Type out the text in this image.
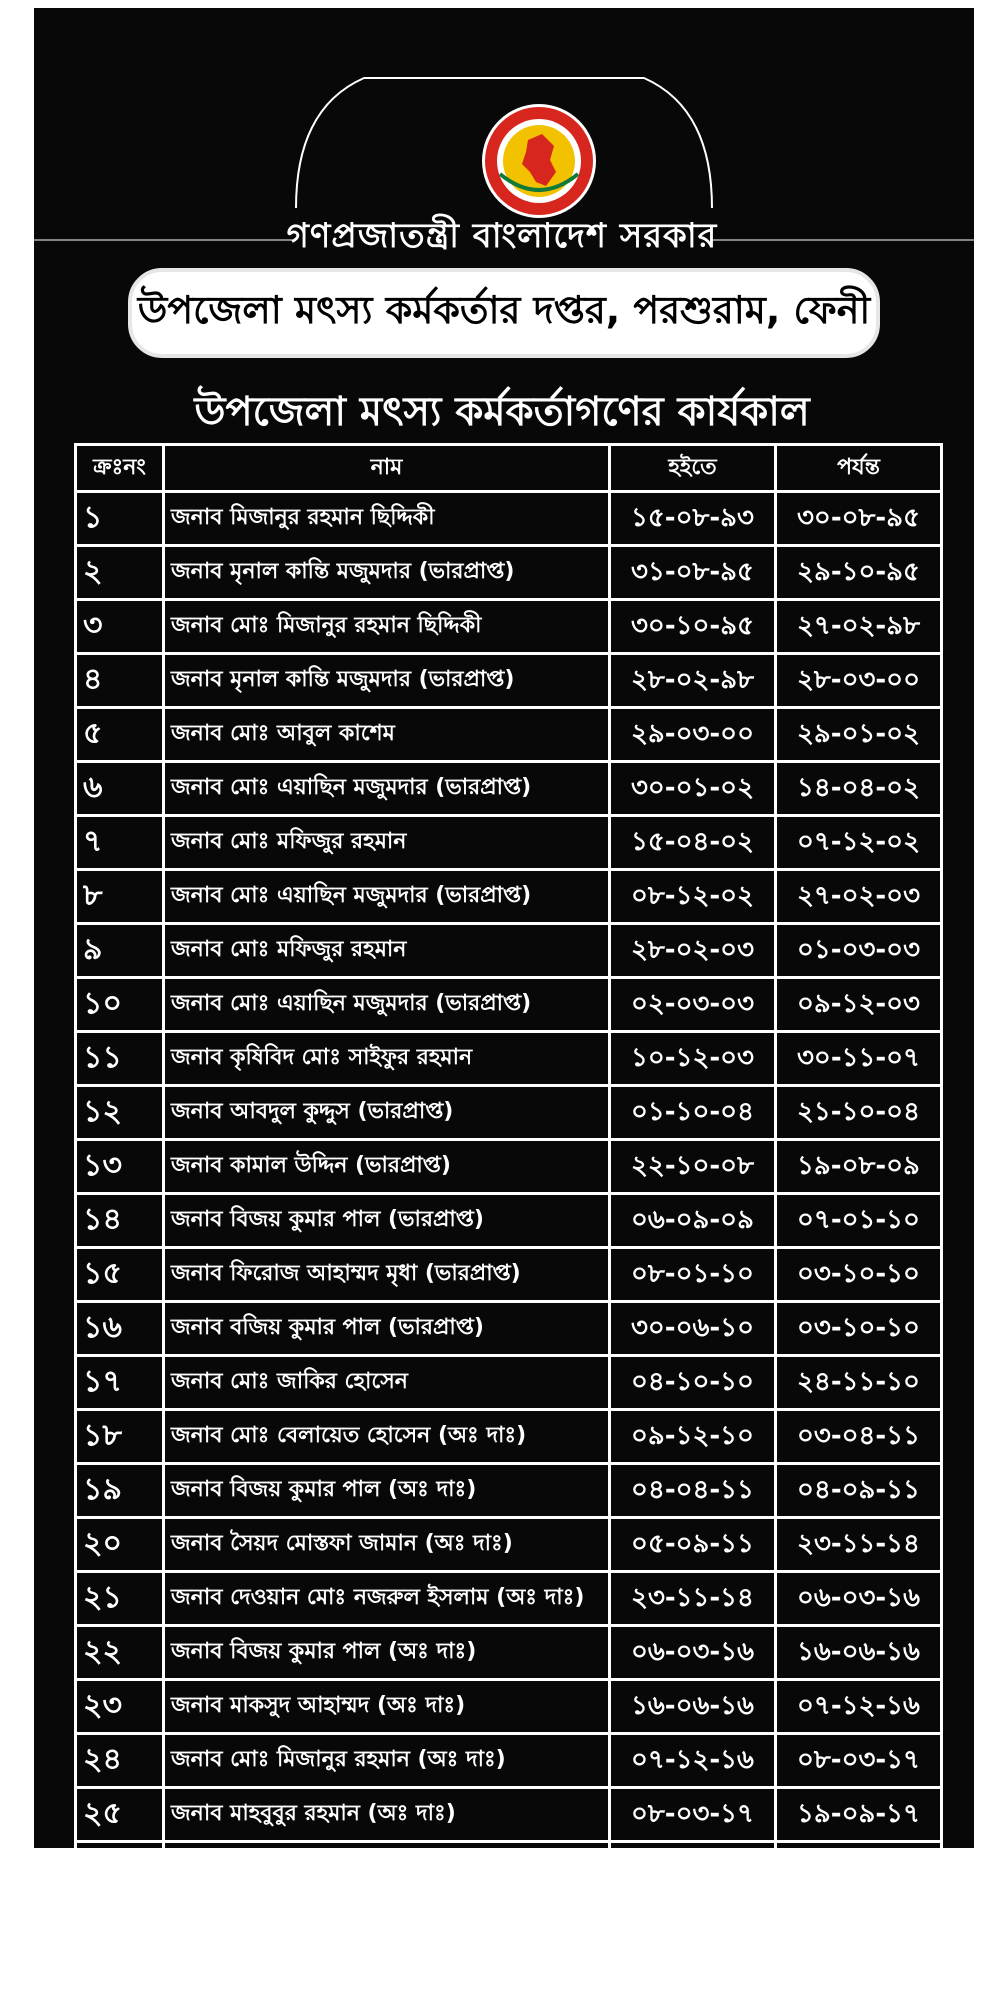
গণপ্রজাতন্ত্রী বাংলাদেশ সরকার
উপজেলা মৎস্য কর্মকর্তার দপ্তর, পরশুরাম, ফেনী
উপজেলা মৎস্য কর্মকর্তাগণের কার্যকাল
ক্রঃনং	নাম	হইতে	পর্যন্ত
১	জনাব মিজানুর রহমান ছিদ্দিকী	১৫-০৮-৯৩	৩০-০৮-৯৫
২	জনাব মৃনাল কান্তি মজুমদার (ভারপ্রাপ্ত)	৩১-০৮-৯৫	২৯-১০-৯৫
৩	জনাব মোঃ মিজানুর রহমান ছিদ্দিকী	৩০-১০-৯৫	২৭-০২-৯৮
৪	জনাব মৃনাল কান্তি মজুমদার (ভারপ্রাপ্ত)	২৮-০২-৯৮	২৮-০৩-০০
৫	জনাব মোঃ আবুল কাশেম	২৯-০৩-০০	২৯-০১-০২
৬	জনাব মোঃ এয়াছিন মজুমদার (ভারপ্রাপ্ত)	৩০-০১-০২	১৪-০৪-০২
৭	জনাব মোঃ মফিজুর রহমান	১৫-০৪-০২	০৭-১২-০২
৮	জনাব মোঃ এয়াছিন মজুমদার (ভারপ্রাপ্ত)	০৮-১২-০২	২৭-০২-০৩
৯	জনাব মোঃ মফিজুর রহমান	২৮-০২-০৩	০১-০৩-০৩
১০	জনাব মোঃ এয়াছিন মজুমদার (ভারপ্রাপ্ত)	০২-০৩-০৩	০৯-১২-০৩
১১	জনাব কৃষিবিদ মোঃ সাইফুর রহমান	১০-১২-০৩	৩০-১১-০৭
১২	জনাব আবদুল কুদ্দুস (ভারপ্রাপ্ত)	০১-১০-০৪	২১-১০-০৪
১৩	জনাব কামাল উদ্দিন (ভারপ্রাপ্ত)	২২-১০-০৮	১৯-০৮-০৯
১৪	জনাব বিজয় কুমার পাল (ভারপ্রাপ্ত)	০৬-০৯-০৯	০৭-০১-১০
১৫	জনাব ফিরোজ আহাম্মদ মৃধা (ভারপ্রাপ্ত)	০৮-০১-১০	০৩-১০-১০
১৬	জনাব বজিয় কুমার পাল (ভারপ্রাপ্ত)	৩০-০৬-১০	০৩-১০-১০
১৭	জনাব মোঃ জাকির হোসেন	০৪-১০-১০	২৪-১১-১০
১৮	জনাব মোঃ বেলায়েত হোসেন (অঃ দাঃ)	০৯-১২-১০	০৩-০৪-১১
১৯	জনাব বিজয় কুমার পাল (অঃ দাঃ)	০৪-০৪-১১	০৪-০৯-১১
২০	জনাব সৈয়দ মোস্তফা জামান (অঃ দাঃ)	০৫-০৯-১১	২৩-১১-১৪
২১	জনাব দেওয়ান মোঃ নজরুল ইসলাম (অঃ দাঃ)	২৩-১১-১৪	০৬-০৩-১৬
২২	জনাব বিজয় কুমার পাল (অঃ দাঃ)	০৬-০৩-১৬	১৬-০৬-১৬
২৩	জনাব মাকসুদ আহাম্মদ (অঃ দাঃ)	১৬-০৬-১৬	০৭-১২-১৬
২৪	জনাব মোঃ মিজানুর রহমান (অঃ দাঃ)	০৭-১২-১৬	০৮-০৩-১৭
২৫	জনাব মাহবুবুর রহমান (অঃ দাঃ)	০৮-০৩-১৭	১৯-০৯-১৭
২৬	জনাব বিজয় কুমার পাল (অঃ দাঃ)	১৯-০৯-১৭	০৯-০৯-১৮
২৭	জনাব তূর্য সাহা	০৯-০৯-১৮	০৭-০৮-১৯
২৮	জনাব বিজয় কুমার পাল (অঃ দাঃ)	০৭-০৮-১৯	০১-০২-২১
